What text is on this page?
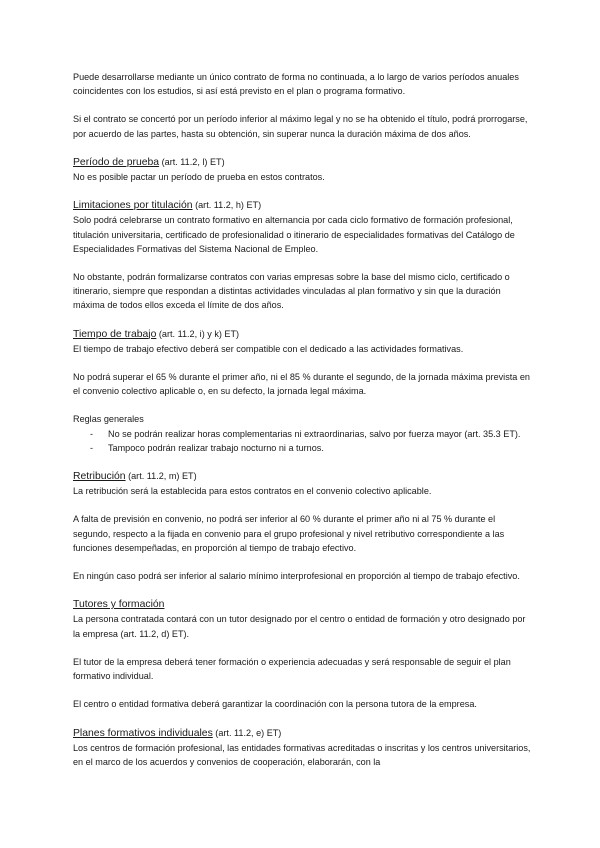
Puede desarrollarse mediante un único contrato de forma no continuada, a lo largo de varios períodos anuales coincidentes con los estudios, si así está previsto en el plan o programa formativo.

Si el contrato se concertó por un período inferior al máximo legal y no se ha obtenido el título, podrá prorrogarse, por acuerdo de las partes, hasta su obtención, sin superar nunca la duración máxima de dos años.

Período de prueba (art. 11.2, l) ET)

No es posible pactar un período de prueba en estos contratos.

Limitaciones por titulación (art. 11.2, h) ET)

Solo podrá celebrarse un contrato formativo en alternancia por cada ciclo formativo de formación profesional, titulación universitaria, certificado de profesionalidad o itinerario de especialidades formativas del Catálogo de Especialidades Formativas del Sistema Nacional de Empleo.

No obstante, podrán formalizarse contratos con varias empresas sobre la base del mismo ciclo, certificado o itinerario, siempre que respondan a distintas actividades vinculadas al plan formativo y sin que la duración máxima de todos ellos exceda el límite de dos años.

Tiempo de trabajo (art. 11.2, i) y k) ET)

El tiempo de trabajo efectivo deberá ser compatible con el dedicado a las actividades formativas.

No podrá superar el 65 % durante el primer año, ni el 85 % durante el segundo, de la jornada máxima prevista en el convenio colectivo aplicable o, en su defecto, la jornada legal máxima.

Reglas generales

- No se podrán realizar horas complementarias ni extraordinarias, salvo por fuerza mayor (art. 35.3 ET).
- Tampoco podrán realizar trabajo nocturno ni a turnos.
Retribución (art. 11.2, m) ET)

La retribución será la establecida para estos contratos en el convenio colectivo aplicable.

A falta de previsión en convenio, no podrá ser inferior al 60 % durante el primer año ni al 75 % durante el segundo, respecto a la fijada en convenio para el grupo profesional y nivel retributivo correspondiente a las funciones desempeñadas, en proporción al tiempo de trabajo efectivo.

En ningún caso podrá ser inferior al salario mínimo interprofesional en proporción al tiempo de trabajo efectivo.

Tutores y formación

La persona contratada contará con un tutor designado por el centro o entidad de formación y otro designado por la empresa (art. 11.2, d) ET).

El tutor de la empresa deberá tener formación o experiencia adecuadas y será responsable de seguir el plan formativo individual.

El centro o entidad formativa deberá garantizar la coordinación con la persona tutora de la empresa.

Planes formativos individuales (art. 11.2, e) ET)

Los centros de formación profesional, las entidades formativas acreditadas o inscritas y los centros universitarios, en el marco de los acuerdos y convenios de cooperación, elaborarán, con la
